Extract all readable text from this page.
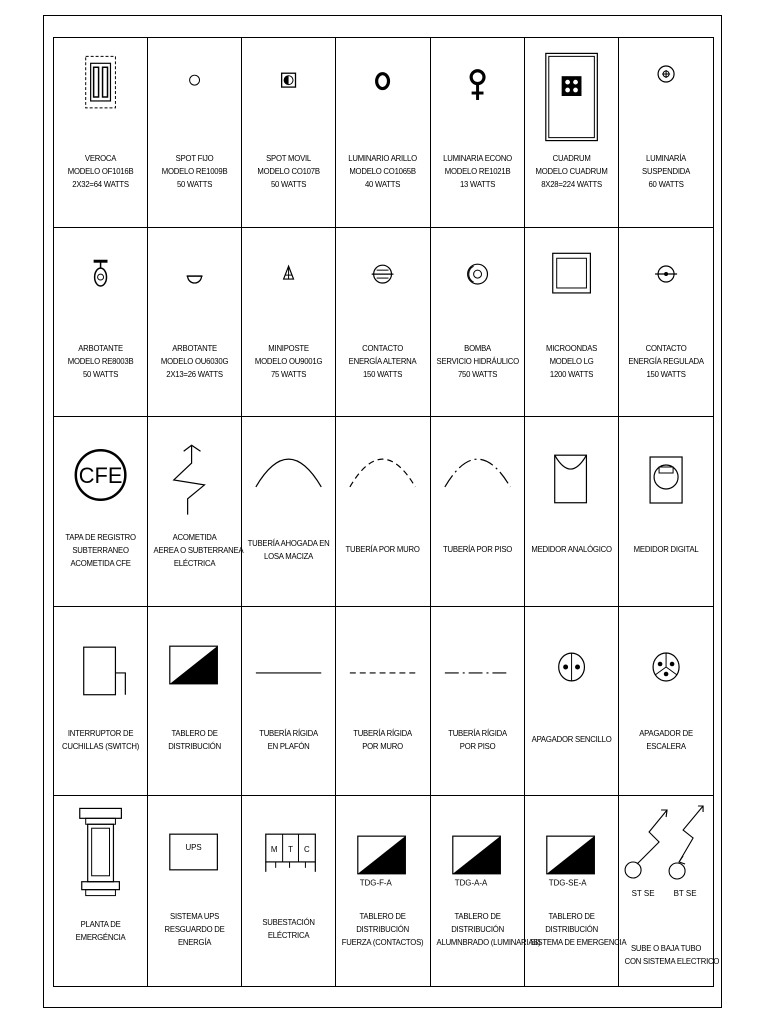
VEROCA
MODELO OF1016B
2X32=64 WATTS
SPOT FIJO
MODELO RE1009B
50 WATTS
SPOT MOVIL
MODELO CO107B
50 WATTS
LUMINARIO ARILLO
MODELO CO1065B
40 WATTS
LUMINARIA ECONO
MODELO RE1021B
13 WATTS
CUADRUM
MODELO CUADRUM
8X28=224 WATTS
LUMINARÍA
SUSPENDIDA
60 WATTS
ARBOTANTE
MODELO RE8003B
50 WATTS
ARBOTANTE
MODELO OU6030G
2X13=26 WATTS
MINIPOSTE
MODELO OU9001G
75 WATTS
CONTACTO
ENERGÍA ALTERNA
150 WATTS
BOMBA
SERVICIO HIDRÁULICO
750 WATTS
MICROONDAS
MODELO LG
1200 WATTS
CONTACTO
ENERGÍA REGULADA
150 WATTS
CFE
TAPA DE REGISTRO
SUBTERRANEO
ACOMETIDA CFE
ACOMETIDA
AEREA O SUBTERRANEA
ELÉCTRICA
TUBERÍA AHOGADA EN
LOSA MACIZA
TUBERÍA POR MURO	TUBERÍA POR PISO	MEDIDOR ANALÓGICO	MEDIDOR DIGITAL
INTERRUPTOR DE
CUCHILLAS (SWITCH)
TABLERO DE
DISTRIBUCIÓN
TUBERÍA RÍGIDA
EN PLAFÓN
TUBERÍA RÍGIDA
POR MURO
TUBERÍA RÍGIDA
POR PISO
APAGADOR SENCILLO
APAGADOR DE
ESCALERA
PLANTA DE
EMERGÉNCIA
UPS
SISTEMA UPS
RESGUARDO DE
ENERGÍA
M T C
SUBESTACIÓN
ELÉCTRICA
TDG-F-A
TABLERO DE
DISTRIBUCIÓN
FUERZA (CONTACTOS)
TDG-A-A
TABLERO DE
DISTRIBUCIÓN
ALUMNBRADO (LUMINARIAS)
TDG-SE-A
TABLERO DE
DISTRIBUCIÓN
SISTEMA DE EMERGENCIA
ST SE BT SE
SUBE O BAJA TUBO
CON SISTEMA ELECTRICO
